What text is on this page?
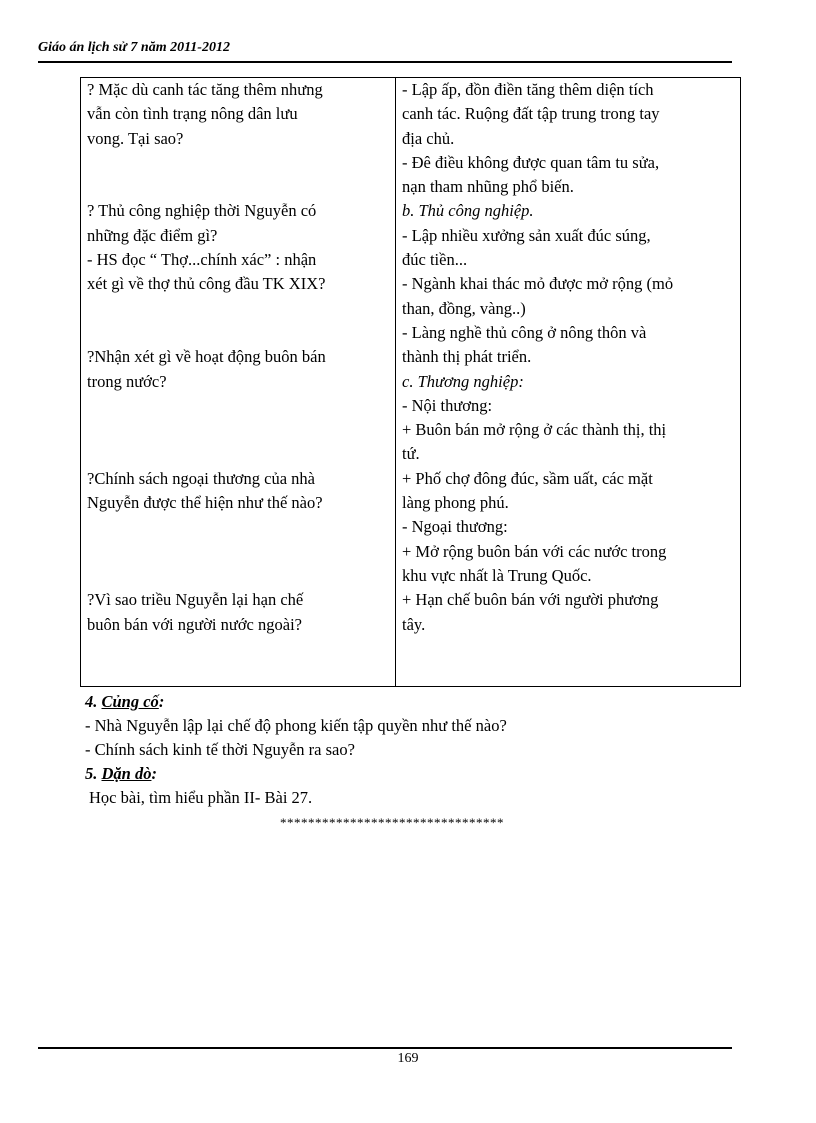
Giáo án lịch sử 7 năm 2011-2012
? Mặc dù canh tác tăng thêm nhưng
vẫn còn tình trạng nông dân lưu
vong. Tại sao?
? Thủ công nghiệp thời Nguyễn có
những đặc điểm gì?
- HS đọc “ Thợ...chính xác” : nhận
xét gì về thợ thủ công đầu TK XIX?
?Nhận xét gì về hoạt động buôn bán
trong nước?
?Chính sách ngoại thương của nhà
Nguyễn được thể hiện như thế nào?
?Vì sao triều Nguyễn lại hạn chế
buôn bán với người nước ngoài?
- Lập ấp, đồn điền tăng thêm diện tích
canh tác. Ruộng đất tập trung trong tay
địa chủ.
- Đê điều không được quan tâm tu sửa,
nạn tham nhũng phổ biến.
b. Thủ công nghiệp.
- Lập nhiều xưởng sản xuất đúc súng,
đúc tiền...
- Ngành khai thác mỏ được mở rộng (mỏ
than, đồng, vàng..)
- Làng nghề thủ công ở nông thôn và
thành thị phát triển.
c. Thương nghiệp:
- Nội thương:
+ Buôn bán mở rộng ở các thành thị, thị
tứ.
+ Phố chợ đông đúc, sầm uất, các mặt
làng phong phú.
- Ngoại thương:
+ Mở rộng buôn bán với các nước trong
khu vực nhất là Trung Quốc.
+ Hạn chế buôn bán với người phương
tây.
4. Củng cố:
- Nhà Nguyễn lập lại chế độ phong kiến tập quyền như thế nào?
- Chính sách kinh tế thời Nguyễn ra sao?
5. Dặn dò:
Học bài, tìm hiểu phần II- Bài 27.
********************************
169
